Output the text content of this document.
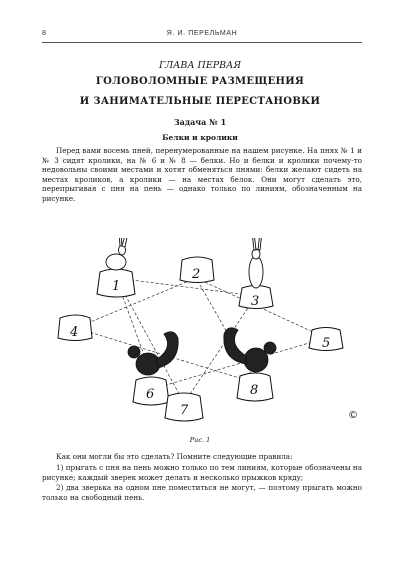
8	Я. И. ПЕРЕЛЬМАН
ГЛАВА ПЕРВАЯ
ГОЛОВОЛОМНЫЕ РАЗМЕЩЕНИЯ
И ЗАНИМАТЕЛЬНЫЕ ПЕРЕСТАНОВКИ
Задача № 1
Белки и кролики
Перед вами восемь пней, перенумерованные на нашем рисунке. На пнях № 1 и № 3 сидят кролики, на № 6 и № 8 — белки. Но и белки и кролики почему-то недовольны своими местами и хотят обменяться пнями: белки желают сидеть на местах кроликов, а кролики — на местах белок. Они могут сделать это, перепрыгивая с пня на пень — однако только по линиям, обозначенным на рисунке.
1
2
3
4
5
6
7
8
©
Рис. 1
Как они могли бы это сделать? Помните следующие правила:
1) прыгать с пня на пень можно только по тем линиям, которые обозначены на рисунке; каждый зверек может делать и несколько прыжков кряду;
2) два зверька на одном пне поместиться не могут, — поэтому прыгать можно только на свободный пень.
